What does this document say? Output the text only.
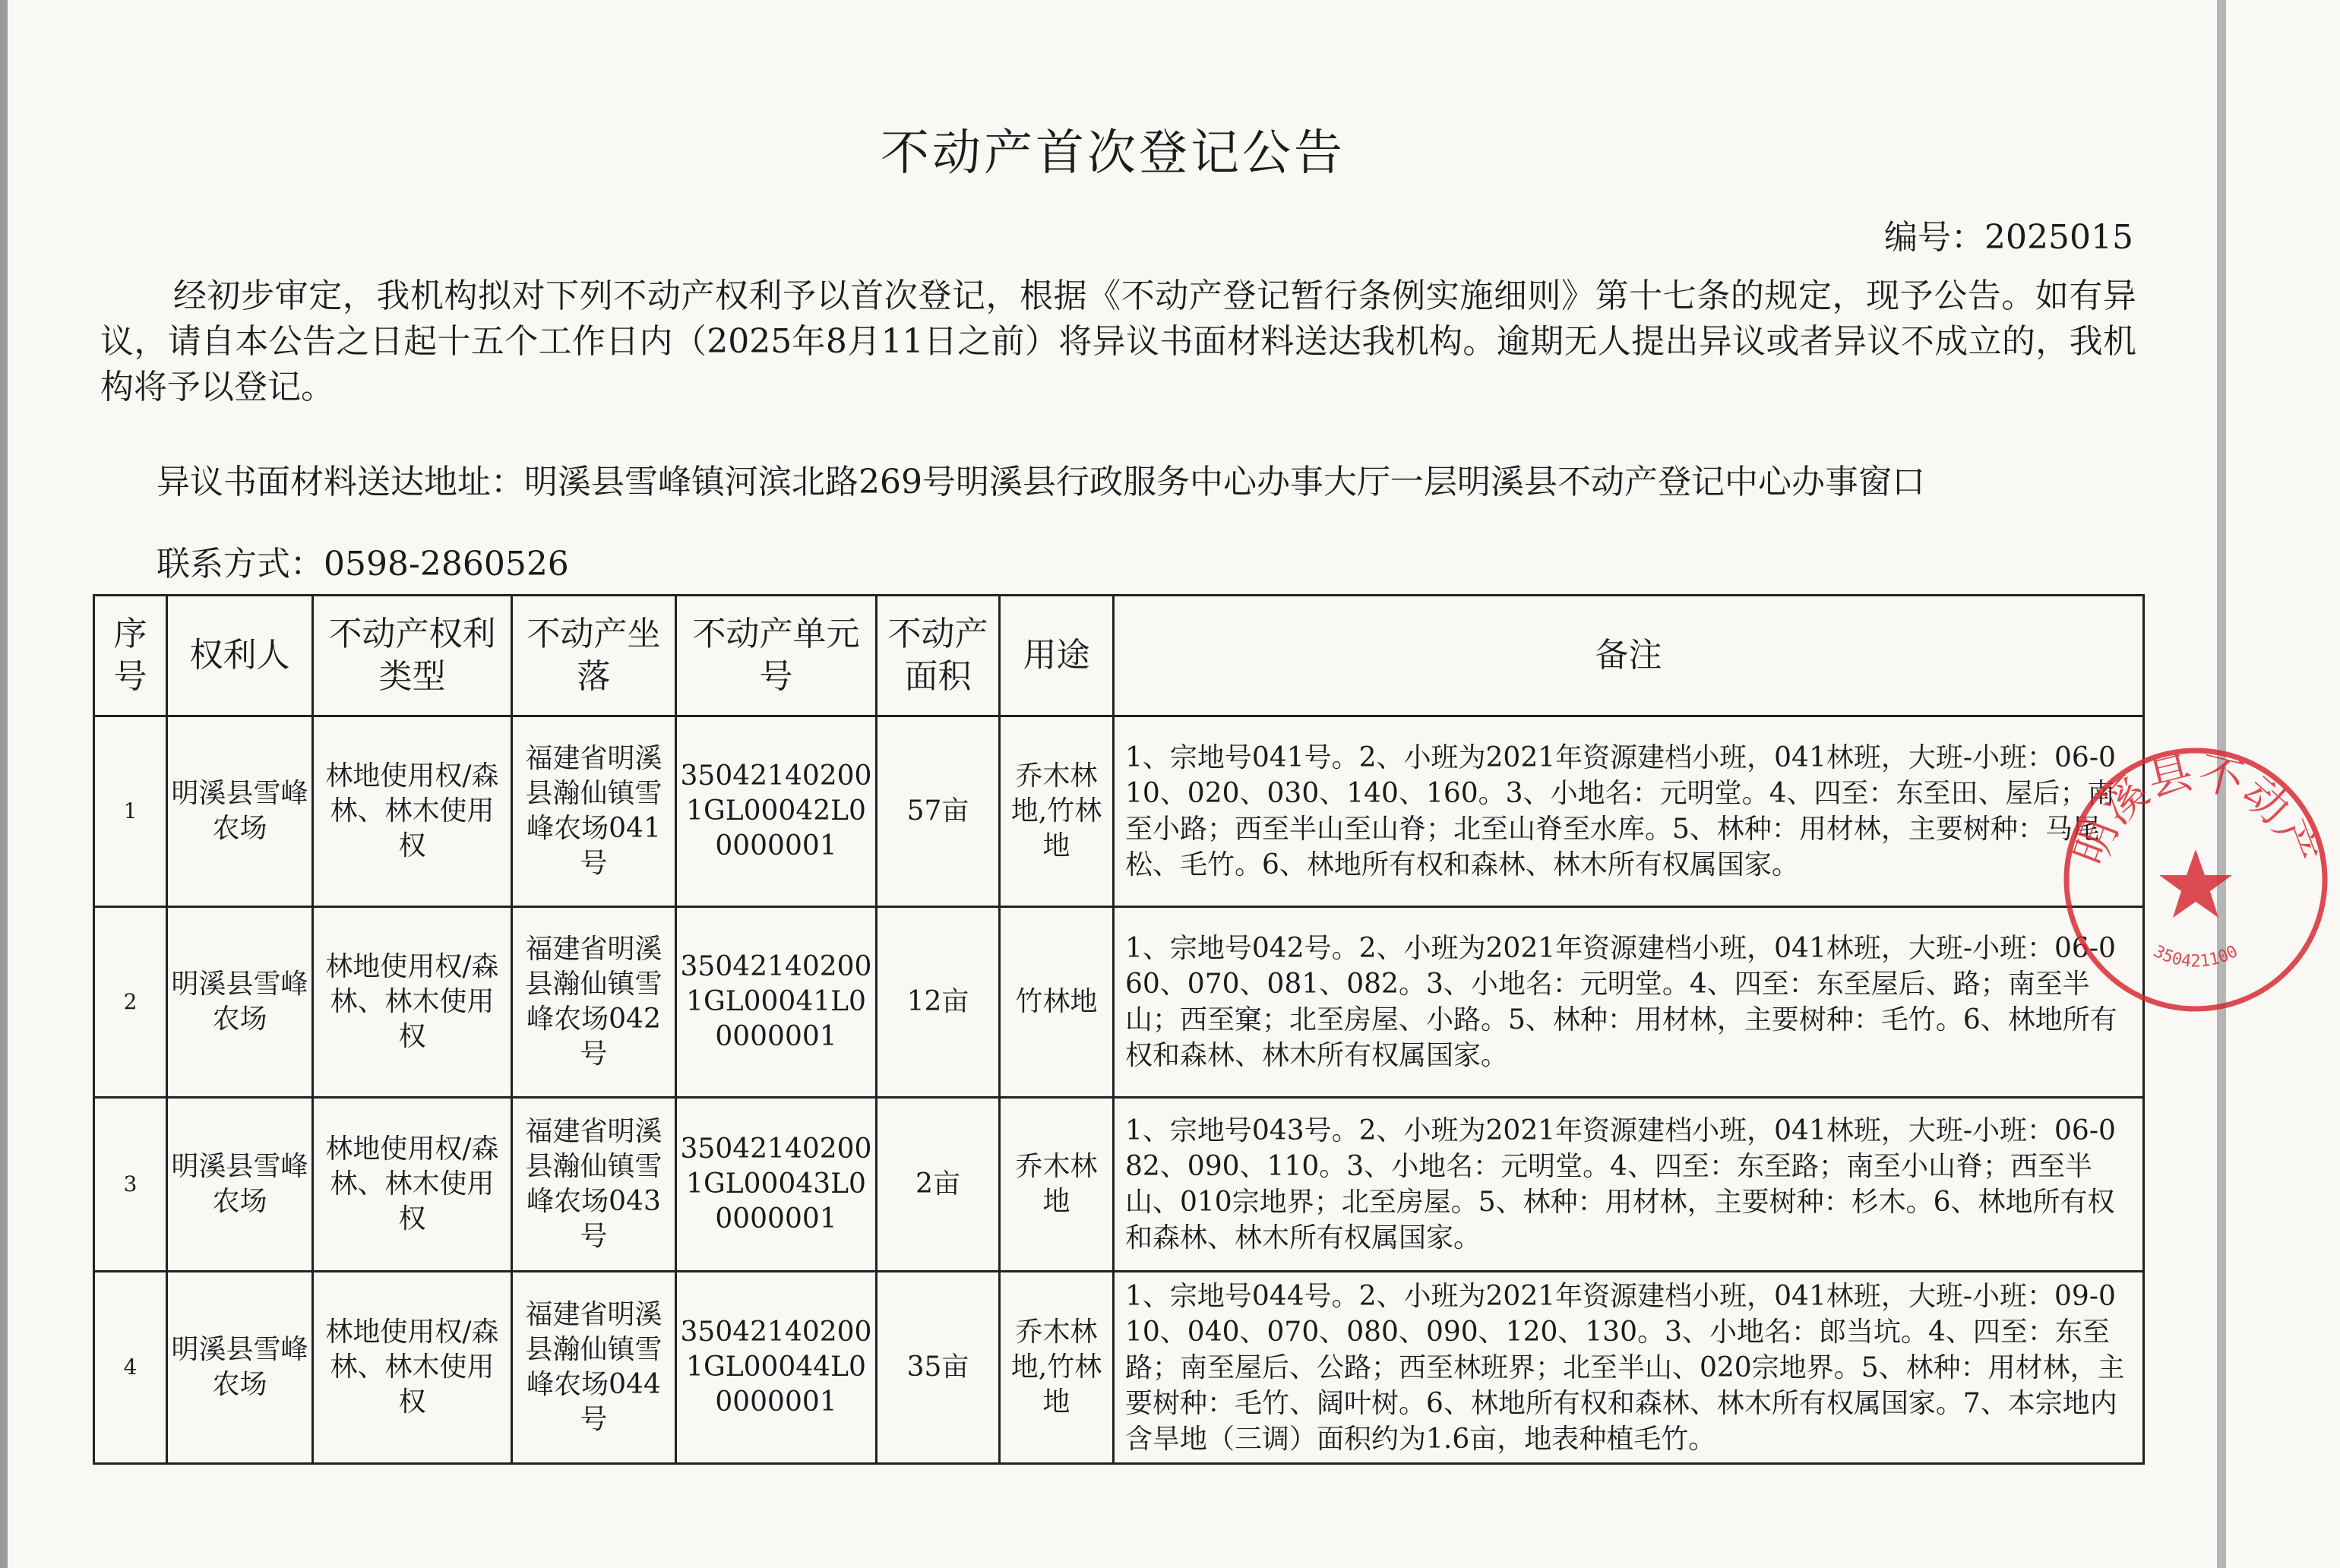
不动产首次登记公告
编号：2025015
经初步审定，我机构拟对下列不动产权利予以首次登记，根据《不动产登记暂行条例实施细则》第十七条的规定，现予公告。如有异议，请自本公告之日起十五个工作日内（2025年8月11日之前）将异议书面材料送达我机构。逾期无人提出异议或者异议不成立的，我机构将予以登记。
异议书面材料送达地址：明溪县雪峰镇河滨北路269号明溪县行政服务中心办事大厅一层明溪县不动产登记中心办事窗口
联系方式：0598-2860526
序号	权利人	不动产权利类型	不动产坐落	不动产单元号	不动产面积	用途	备注
1	明溪县雪峰农场	林地使用权/森林、林木使用权	福建省明溪县瀚仙镇雪峰农场041号	350421402001GL00042L00000001	57亩	乔木林地,竹林地	1、宗地号041号。2、小班为2021年资源建档小班，041林班，大班-小班：06-010、020、030、140、160。3、小地名：元明堂。4、四至：东至田、屋后；南至小路；西至半山至山脊；北至山脊至水库。5、林种：用材林，主要树种：马尾松、毛竹。6、林地所有权和森林、林木所有权属国家。
2	明溪县雪峰农场	林地使用权/森林、林木使用权	福建省明溪县瀚仙镇雪峰农场042号	350421402001GL00041L00000001	12亩	竹林地	1、宗地号042号。2、小班为2021年资源建档小班，041林班，大班-小班：06-060、070、081、082。3、小地名：元明堂。4、四至：东至屋后、路；南至半山；西至窠；北至房屋、小路。5、林种：用材林，主要树种：毛竹。6、林地所有权和森林、林木所有权属国家。
3	明溪县雪峰农场	林地使用权/森林、林木使用权	福建省明溪县瀚仙镇雪峰农场043号	350421402001GL00043L00000001	2亩	乔木林地	1、宗地号043号。2、小班为2021年资源建档小班，041林班，大班-小班：06-082、090、110。3、小地名：元明堂。4、四至：东至路；南至小山脊；西至半山、010宗地界；北至房屋。5、林种：用材林，主要树种：杉木。6、林地所有权和森林、林木所有权属国家。
4	明溪县雪峰农场	林地使用权/森林、林木使用权	福建省明溪县瀚仙镇雪峰农场044号	350421402001GL00044L00000001	35亩	乔木林地,竹林地	1、宗地号044号。2、小班为2021年资源建档小班，041林班，大班-小班：09-010、040、070、080、090、120、130。3、小地名：郎当坑。4、四至：东至路；南至屋后、公路；西至林班界；北至半山、020宗地界。5、林种：用材林，主要树种：毛竹、阔叶树。6、林地所有权和森林、林木所有权属国家。7、本宗地内含旱地（三调）面积约为1.6亩，地表种植毛竹。
明溪县不动产
350421100
